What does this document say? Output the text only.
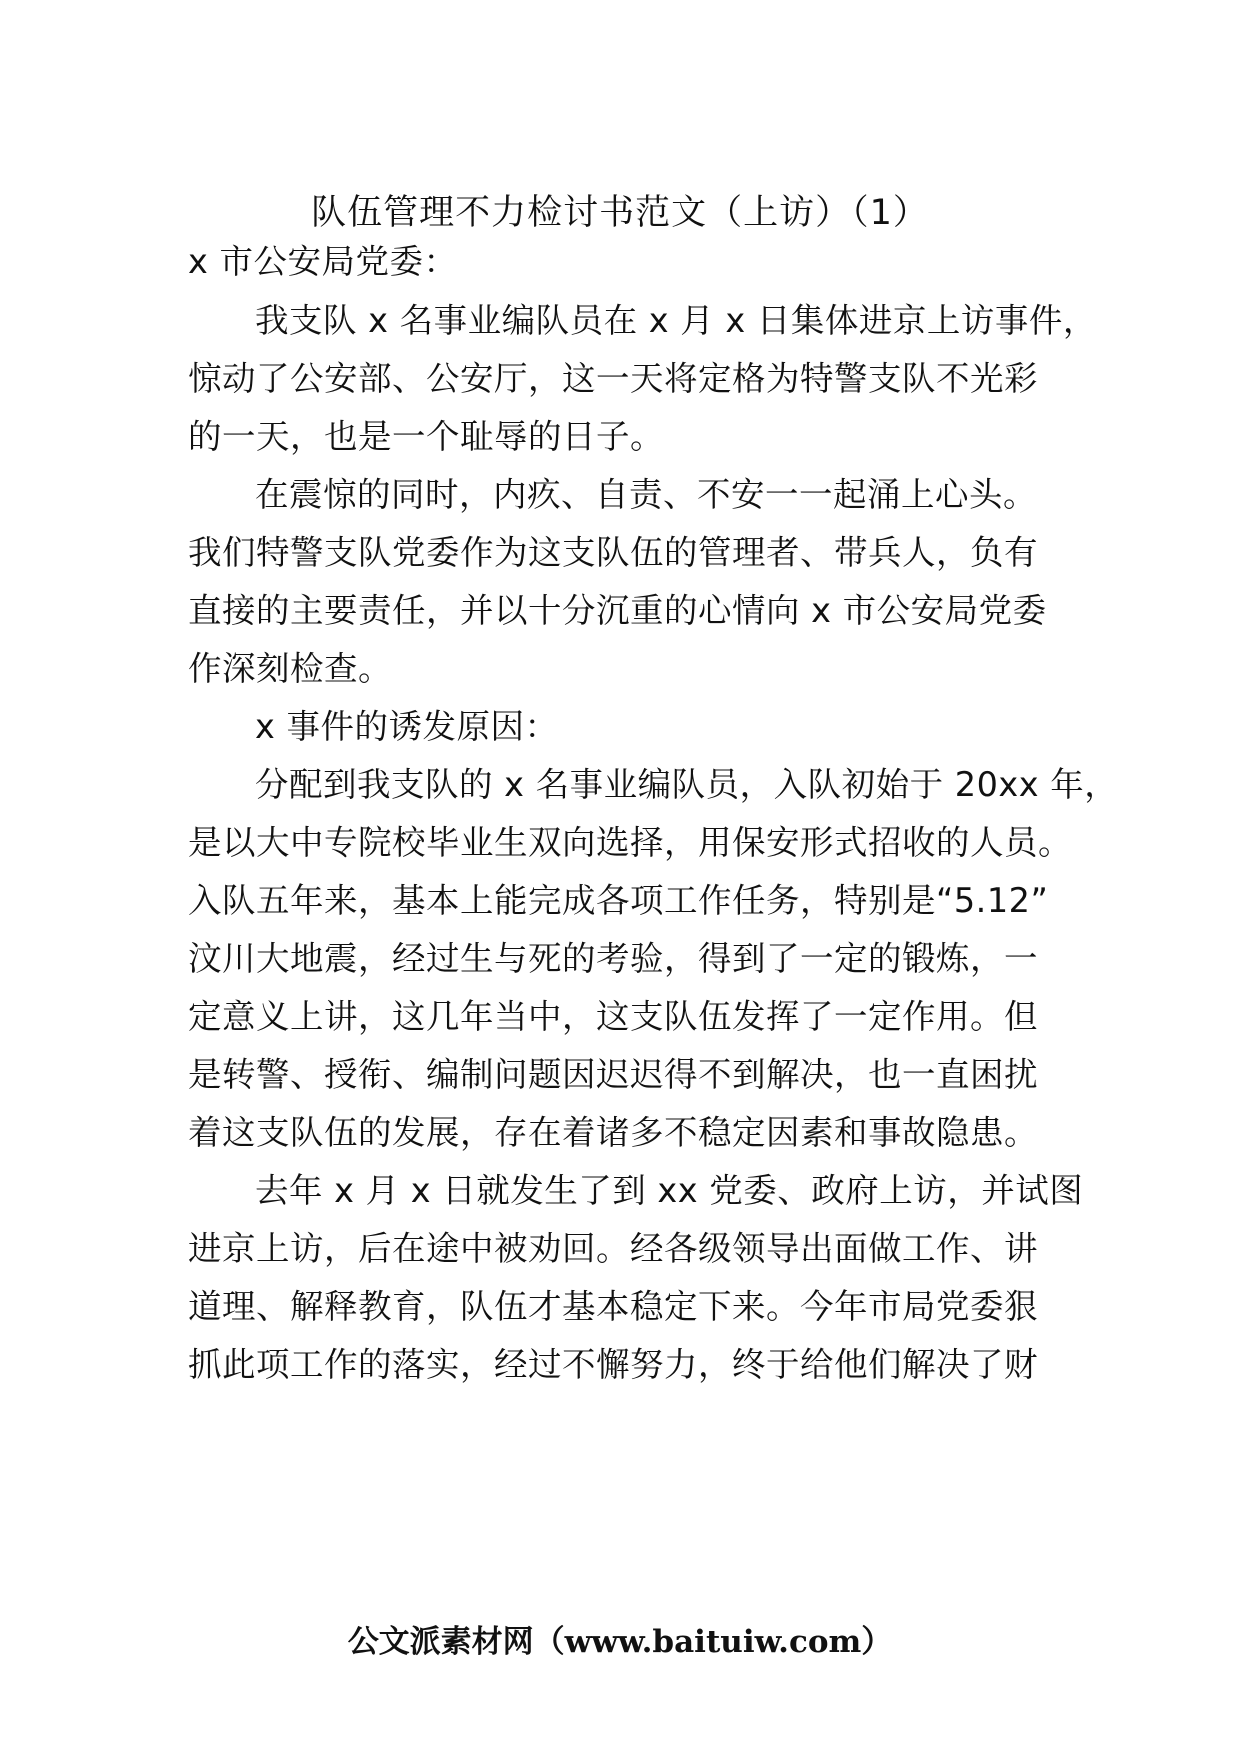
队伍管理不力检讨书范文（上访）（1）
x 市公安局党委：
我支队 x 名事业编队员在 x 月 x 日集体进京上访事件，
惊动了公安部、公安厅，这一天将定格为特警支队不光彩
的一天，也是一个耻辱的日子。
在震惊的同时，内疚、自责、不安一一起涌上心头。
我们特警支队党委作为这支队伍的管理者、带兵人，负有
直接的主要责任，并以十分沉重的心情向 x 市公安局党委
作深刻检查。
x 事件的诱发原因：
分配到我支队的 x 名事业编队员，入队初始于 20xx 年，
是以大中专院校毕业生双向选择，用保安形式招收的人员。
入队五年来，基本上能完成各项工作任务，特别是“5.12”
汶川大地震，经过生与死的考验，得到了一定的锻炼，一
定意义上讲，这几年当中，这支队伍发挥了一定作用。但
是转警、授衔、编制问题因迟迟得不到解决，也一直困扰
着这支队伍的发展，存在着诸多不稳定因素和事故隐患。
去年 x 月 x 日就发生了到 xx 党委、政府上访，并试图
进京上访，后在途中被劝回。经各级领导出面做工作、讲
道理、解释教育，队伍才基本稳定下来。今年市局党委狠
抓此项工作的落实，经过不懈努力，终于给他们解决了财
公文派素材网（www.baituiw.com）
